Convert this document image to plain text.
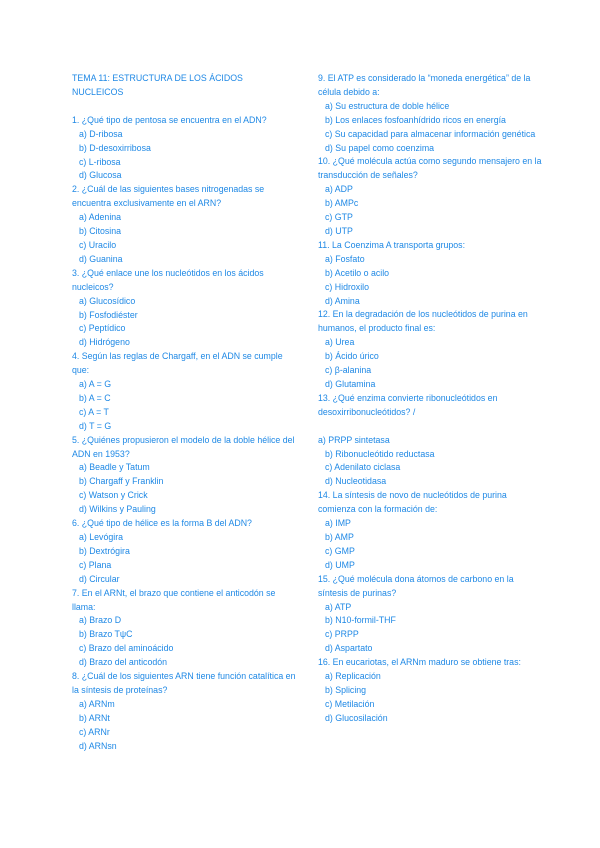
TEMA 11: ESTRUCTURA DE LOS ÁCIDOS NUCLEICOS

1. ¿Qué tipo de pentosa se encuentra en el ADN?

a) D-ribosa
b) D-desoxirribosa
c) L-ribosa
d) Glucosa

2. ¿Cuál de las siguientes bases nitrogenadas se encuentra exclusivamente en el ARN?

a) Adenina
b) Citosina
c) Uracilo
d) Guanina

3. ¿Qué enlace une los nucleótidos en los ácidos nucleicos?

a) Glucosídico
b) Fosfodiéster
c) Peptídico
d) Hidrógeno

4. Según las reglas de Chargaff, en el ADN se cumple que:

a) A = G
b) A = C
c) A = T
d) T = G

5. ¿Quiénes propusieron el modelo de la doble hélice del ADN en 1953?

a) Beadle y Tatum
b) Chargaff y Franklin
c) Watson y Crick
d) Wilkins y Pauling

6. ¿Qué tipo de hélice es la forma B del ADN?

a) Levógira
b) Dextrógira
c) Plana
d) Circular

7. En el ARNt, el brazo que contiene el anticodón se llama:

a) Brazo D
b) Brazo TψC
c) Brazo del aminoácido
d) Brazo del anticodón

8. ¿Cuál de los siguientes ARN tiene función catalítica en la síntesis de proteínas?

a) ARNm
b) ARNt
c) ARNr
d) ARNsn

9. El ATP es considerado la “moneda energética” de la célula debido a:

a) Su estructura de doble hélice
b) Los enlaces fosfoanhídrido ricos en energía
c) Su capacidad para almacenar información genética
d) Su papel como coenzima

10. ¿Qué molécula actúa como segundo mensajero en la transducción de señales?

a) ADP
b) AMPc
c) GTP
d) UTP

11. La Coenzima A transporta grupos:

a) Fosfato
b) Acetilo o acilo
c) Hidroxilo
d) Amina

12. En la degradación de los nucleótidos de purina en humanos, el producto final es:

a) Urea
b) Ácido úrico
c) β-alanina
d) Glutamina

13. ¿Qué enzima convierte ribonucleótidos en desoxirribonucleótidos? /

a) PRPP sintetasa
b) Ribonucleótido reductasa
c) Adenilato ciclasa
d) Nucleotidasa

14. La síntesis de novo de nucleótidos de purina comienza con la formación de:

a) IMP
b) AMP
c) GMP
d) UMP

15. ¿Qué molécula dona átomos de carbono en la síntesis de purinas?

a) ATP
b) N10-formil-THF
c) PRPP
d) Aspartato

16. En eucariotas, el ARNm maduro se obtiene tras:

a) Replicación
b) Splicing
c) Metilación
d) Glucosilación
